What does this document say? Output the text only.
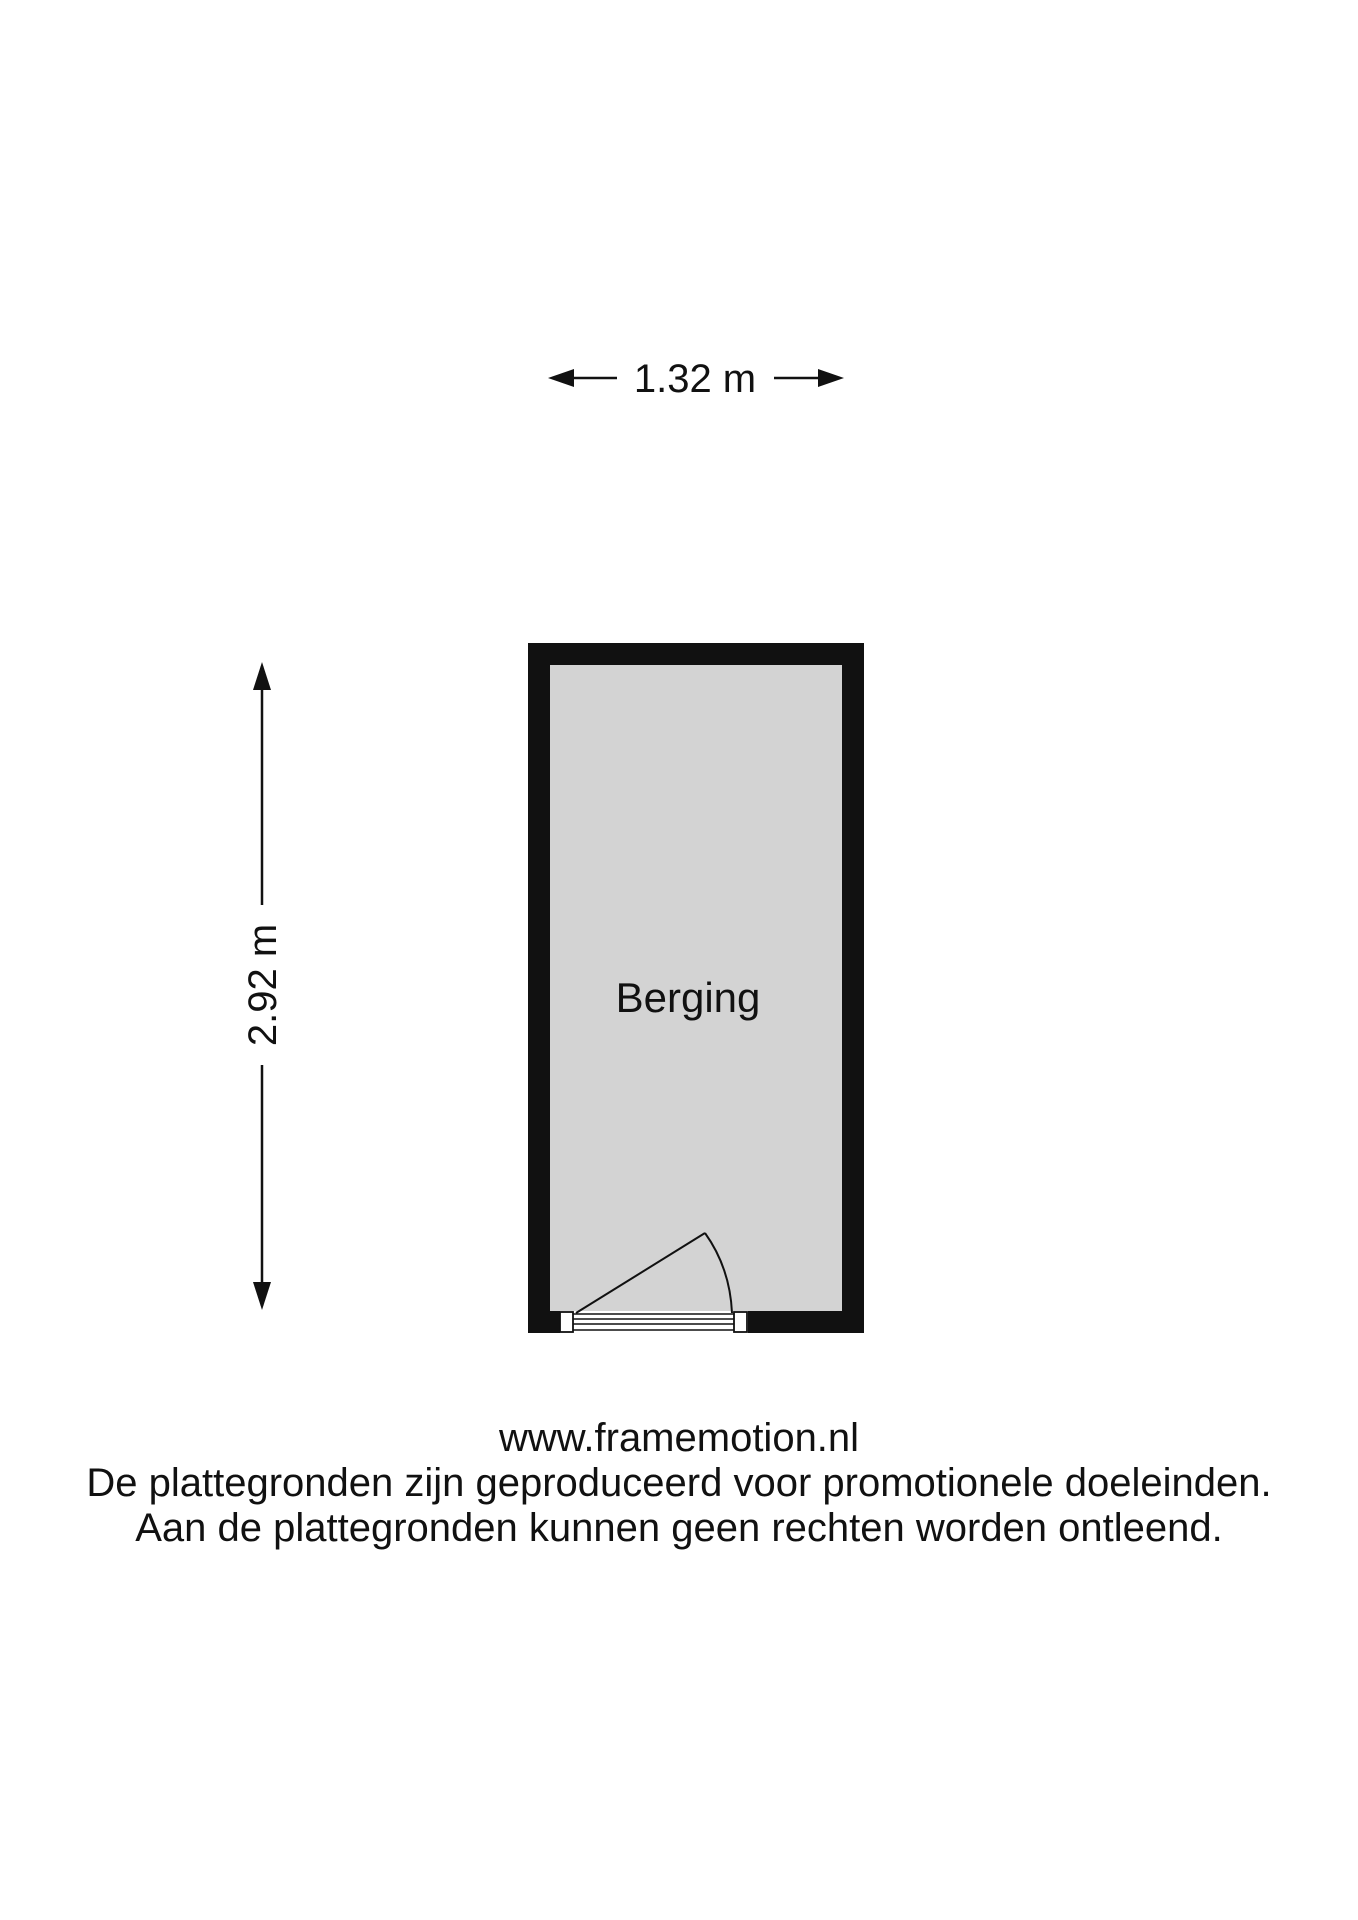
1.32 m
2.92 m	Berging
www.framemotion.nl
De plattegronden zijn geproduceerd voor promotionele doeleinden.
Aan de plattegronden kunnen geen rechten worden ontleend.
